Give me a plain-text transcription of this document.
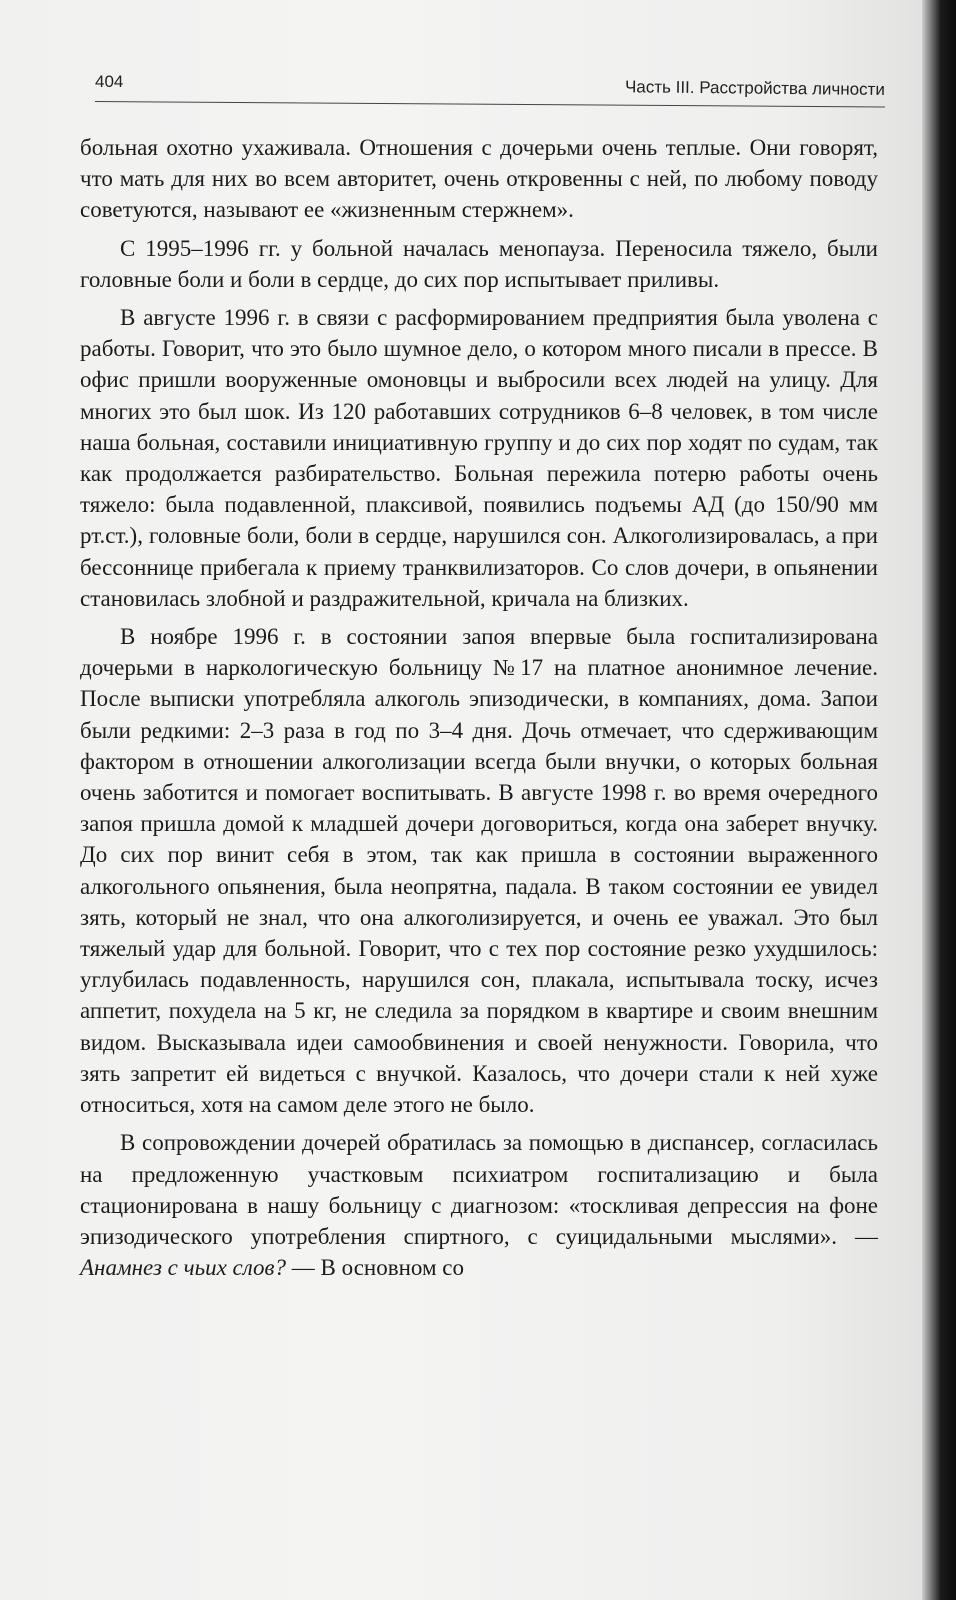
404	Часть III. Расстройства личности

больная охотно ухаживала. Отношения с дочерьми очень теплые. Они говорят, что мать для них во всем авторитет, очень откровенны с ней, по любому поводу советуются, называют ее «жизненным стержнем».

С 1995–1996 гг. у больной началась менопауза. Переносила тяжело, были головные боли и боли в сердце, до сих пор испытывает приливы.

В августе 1996 г. в связи с расформированием предприятия была уволена с работы. Говорит, что это было шумное дело, о котором много писали в прессе. В офис пришли вооруженные омоновцы и выбросили всех людей на улицу. Для многих это был шок. Из 120 работавших сотрудников 6–8 человек, в том числе наша больная, составили инициативную группу и до сих пор ходят по судам, так как продолжается разбирательство. Больная пережила потерю работы очень тяжело: была подавленной, плаксивой, появились подъемы АД (до 150/90 мм рт.ст.), головные боли, боли в сердце, нарушился сон. Алкоголизировалась, а при бессоннице прибегала к приему транквилизаторов. Со слов дочери, в опьянении становилась злобной и раздражительной, кричала на близких.

В ноябре 1996 г. в состоянии запоя впервые была госпитализирована дочерьми в наркологическую больницу №17 на платное анонимное лечение. После выписки употребляла алкоголь эпизодически, в компаниях, дома. Запои были редкими: 2–3 раза в год по 3–4 дня. Дочь отмечает, что сдерживающим фактором в отношении алкоголизации всегда были внучки, о которых больная очень заботится и помогает воспитывать. В августе 1998 г. во время очередного запоя пришла домой к младшей дочери договориться, когда она заберет внучку. До сих пор винит себя в этом, так как пришла в состоянии выраженного алкогольного опьянения, была неопрятна, падала. В таком состоянии ее увидел зять, который не знал, что она алкоголизируется, и очень ее уважал. Это был тяжелый удар для больной. Говорит, что с тех пор состояние резко ухудшилось: углубилась подавленность, нарушился сон, плакала, испытывала тоску, исчез аппетит, похудела на 5 кг, не следила за порядком в квартире и своим внешним видом. Высказывала идеи самообвинения и своей ненужности. Говорила, что зять запретит ей видеться с внучкой. Казалось, что дочери стали к ней хуже относиться, хотя на самом деле этого не было.

В сопровождении дочерей обратилась за помощью в диспансер, согласилась на предложенную участковым психиатром госпитализацию и была стационирована в нашу больницу с диагнозом: «тоскливая депрессия на фоне эпизодического употребления спиртного, с суицидальными мыслями». — Анамнез с чьих слов? — В основном со
